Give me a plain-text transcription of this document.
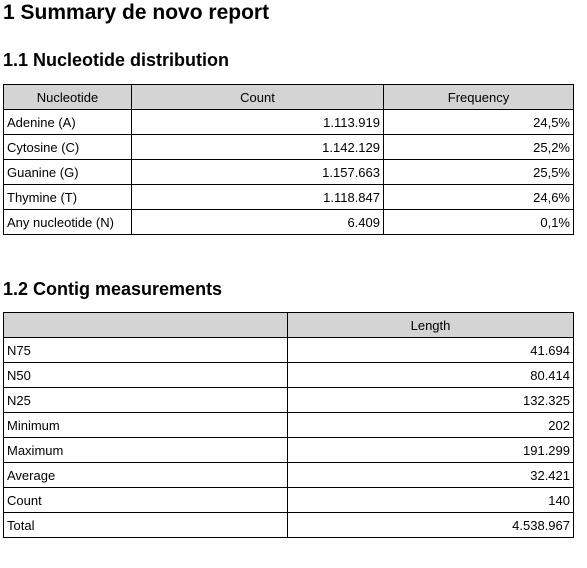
1 Summary de novo report
1.1 Nucleotide distribution
Nucleotide	Count	Frequency
Adenine (A)	1.113.919	24,5%
Cytosine (C)	1.142.129	25,2%
Guanine (G)	1.157.663	25,5%
Thymine (T)	1.118.847	24,6%
Any nucleotide (N)	6.409	0,1%
1.2 Contig measurements
	Length
N75	41.694
N50	80.414
N25	132.325
Minimum	202
Maximum	191.299
Average	32.421
Count	140
Total	4.538.967
